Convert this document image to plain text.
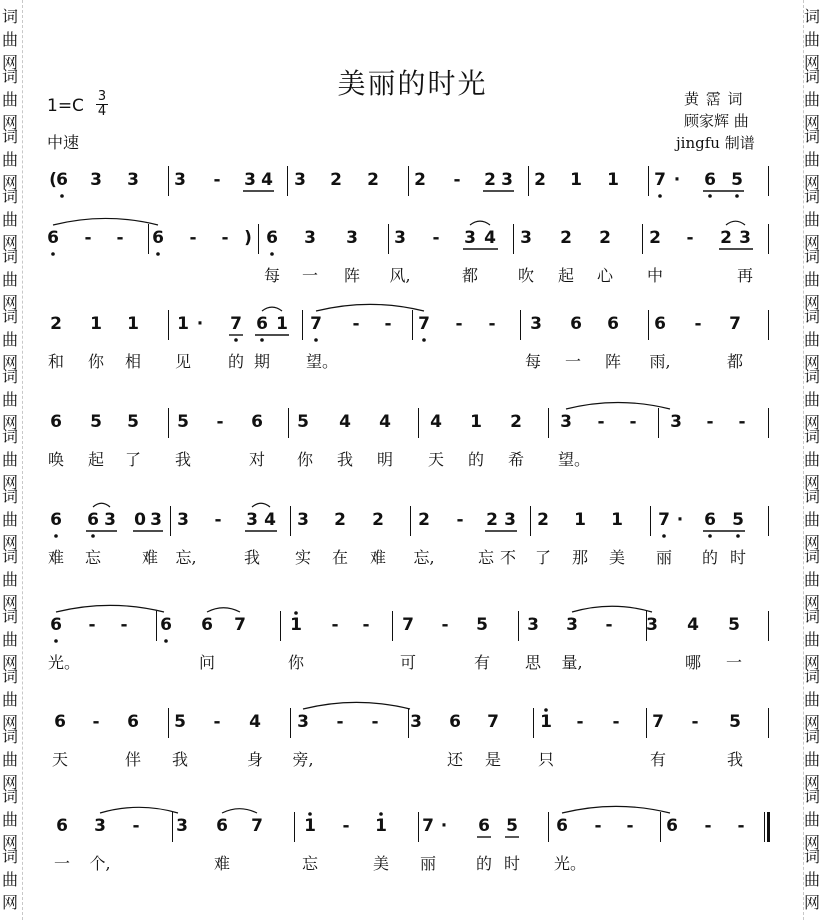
美丽的时光
1=C 3
4
中速
黄 霑 词
顾家辉 曲
jingfu 制谱
( 6 3 3 3	-	3 4 3 2 2 2	-	2 3 2 1 1 7 ·	6 5
6	-	-	6	-	- ) 6 3 3 3	-	3 4 3 2 2 2	-	2 3
每 一 阵 风,	都 吹 起 心 中	再
2 1 1 1 ·	7 6 1 7	-	-	7	-	-	3 6 6 6	-	7
和 你 相 见 的 期 望。	每 一 阵 雨,	都
6 5 5 5	-	6 5 4 4 4 1 2 3	-	-	3	-	-
唤 起 了 我	对 你 我 明 天 的 希 望。
6 6 3 0 3 3	-	3 4 3 2 2 2	-	2 3 2 1 1 7 ·	6 5
难 忘	难 忘,	我 实 在 难 忘,	忘 不 了 那 美 丽 的 时
6	-	-	6 6 7	1	-	-	7	-	5 3 3	-	3 4 5
光。	问	你	可	有 思 量,	哪 一
6	-	6 5	-	4 3	-	-	3 6 7 1	-	-	7	-	5
天	伴 我	身 旁,	还 是 只	有	我
6 3	-	3 6 7 1	-	1 7 ·	6 5 6	-	-	6	-	-
一 个,	难	忘	美 丽 的 时 光。
词
曲
网
词
曲
网
词
曲
网
词
曲
网
词
曲
网
词
曲
网
词
曲
网
词
曲
网
词
曲
网
词
曲
网
词
曲
网
词
曲
网
词
曲
网
词
曲
网
词
曲
网
词
曲
网
词
曲
网
词
曲
网
词
曲
网
词
曲
网
词
曲
网
词
曲
网
词
曲
网
词
曲
网
词
曲
网
词
曲
网
词
曲
网
词
曲
网
词
曲
网
词
曲
网
